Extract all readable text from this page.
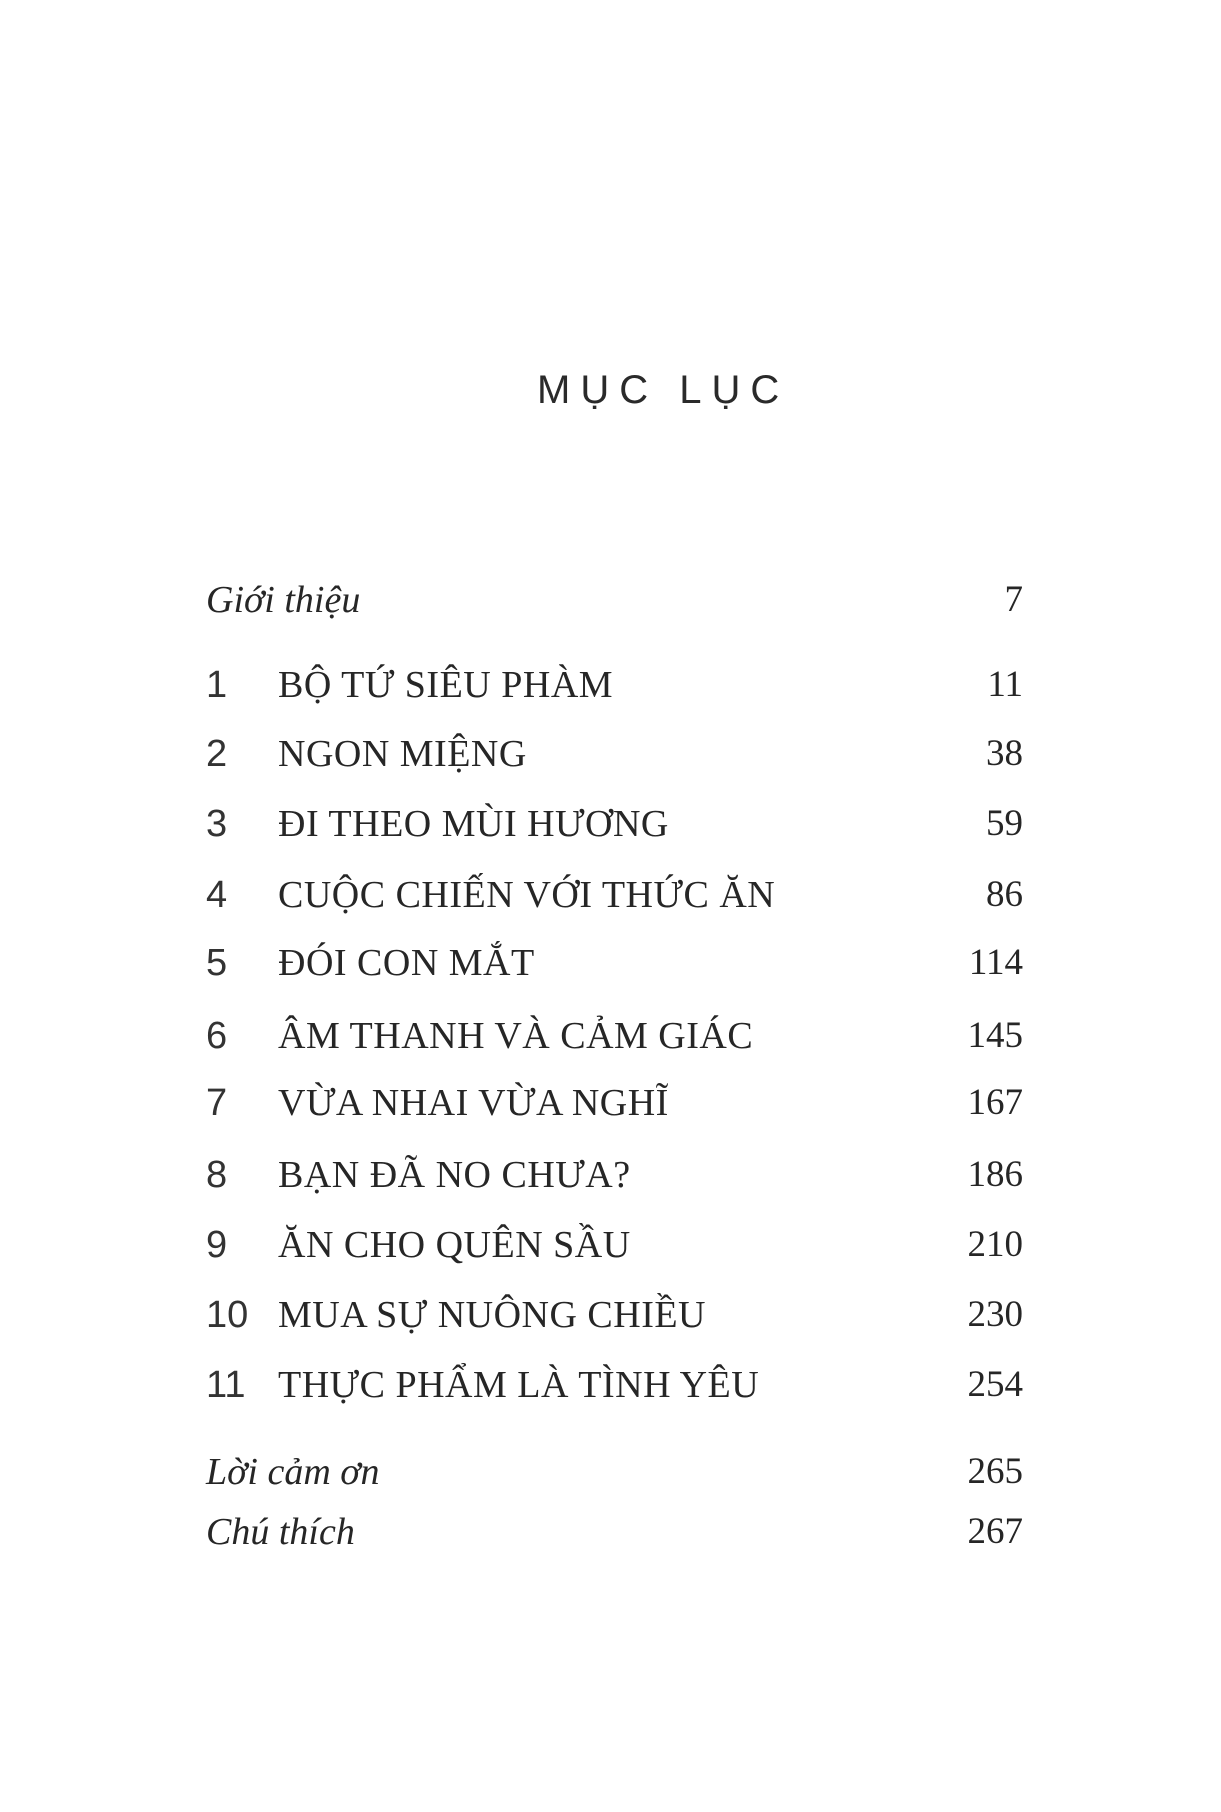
MỤC LỤC
Giới thiệu	7
1 BỘ TỨ SIÊU PHÀM	11
2 NGON MIỆNG	38
3 ĐI THEO MÙI HƯƠNG	59
4 CUỘC CHIẾN VỚI THỨC ĂN	86
5 ĐÓI CON MẮT	114
6 ÂM THANH VÀ CẢM GIÁC	145
7 VỪA NHAI VỪA NGHĨ	167
8 BẠN ĐÃ NO CHƯA?	186
9 ĂN CHO QUÊN SẦU	210
10 MUA SỰ NUÔNG CHIỀU	230
11 THỰC PHẨM LÀ TÌNH YÊU	254
Lời cảm ơn	265
Chú thích	267
